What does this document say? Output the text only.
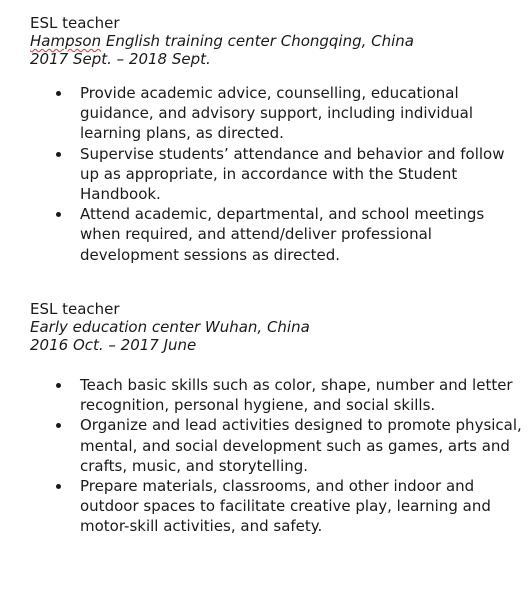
ESL teacher
Hampson English training center Chongqing, China
2017 Sept. – 2018 Sept.
Provide academic advice, counselling, educational guidance, and advisory support, including individual learning plans, as directed.
Supervise students’ attendance and behavior and follow up as appropriate, in accordance with the Student Handbook.
Attend academic, departmental, and school meetings when required, and attend/deliver professional development sessions as directed.
ESL teacher
Early education center Wuhan, China
2016 Oct. – 2017 June
Teach basic skills such as color, shape, number and letter recognition, personal hygiene, and social skills.
Organize and lead activities designed to promote physical, mental, and social development such as games, arts and crafts, music, and storytelling.
Prepare materials, classrooms, and other indoor and outdoor spaces to facilitate creative play, learning and motor-skill activities, and safety.
